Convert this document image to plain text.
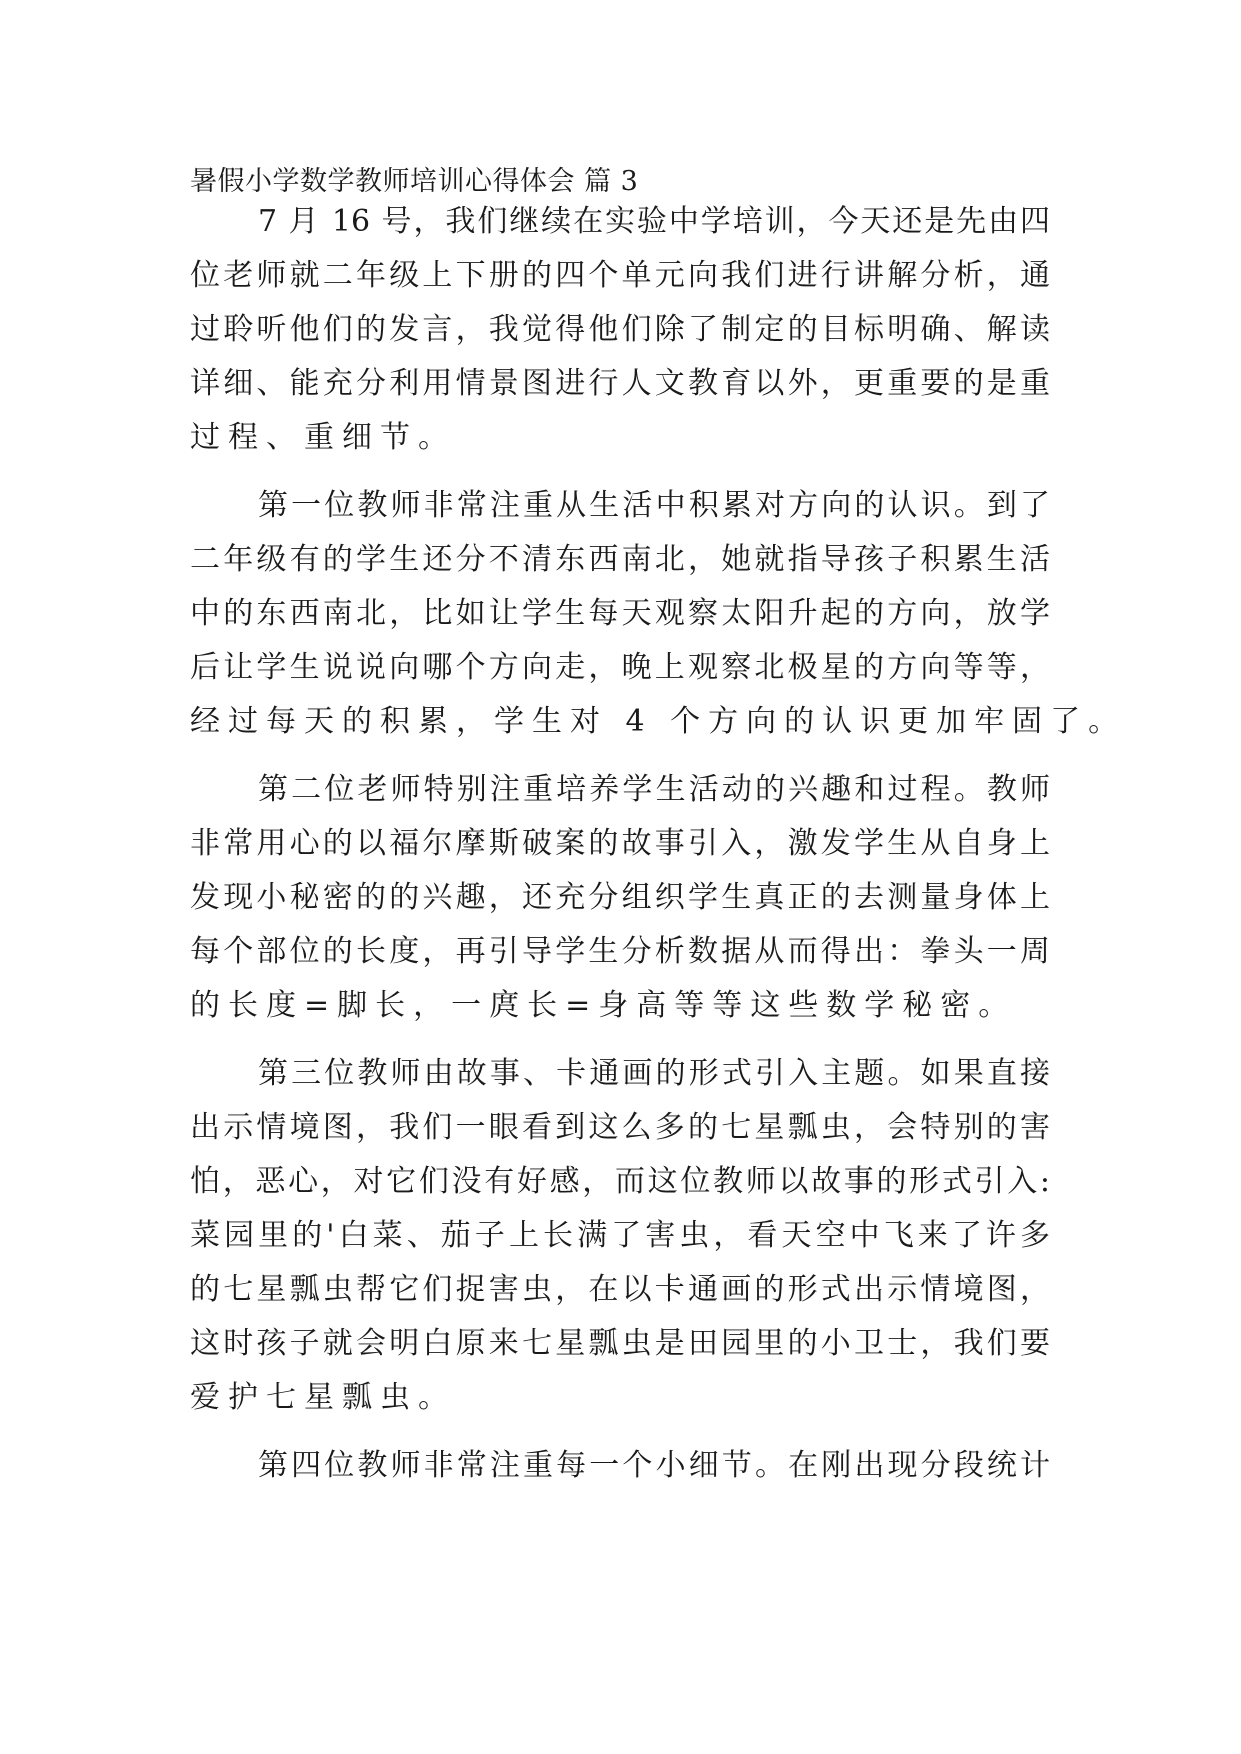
暑假小学数学教师培训心得体会 篇 3
7 月 16 号，我们继续在实验中学培训，今天还是先由四
位老师就二年级上下册的四个单元向我们进行讲解分析，通
过聆听他们的发言，我觉得他们除了制定的目标明确、解读
详细、能充分利用情景图进行人文教育以外，更重要的是重
过程、重细节。
第一位教师非常注重从生活中积累对方向的认识。到了
二年级有的学生还分不清东西南北，她就指导孩子积累生活
中的东西南北，比如让学生每天观察太阳升起的方向，放学
后让学生说说向哪个方向走，晚上观察北极星的方向等等，
经过每天的积累，学生对 4 个方向的认识更加牢固了。
第二位老师特别注重培养学生活动的兴趣和过程。教师
非常用心的以福尔摩斯破案的故事引入，激发学生从自身上
发现小秘密的的兴趣，还充分组织学生真正的去测量身体上
每个部位的长度，再引导学生分析数据从而得出：拳头一周
的长度=脚长，一庹长=身高等等这些数学秘密。
第三位教师由故事、卡通画的形式引入主题。如果直接
出示情境图，我们一眼看到这么多的七星瓢虫，会特别的害
怕，恶心，对它们没有好感，而这位教师以故事的形式引入:
菜园里的'白菜、茄子上长满了害虫，看天空中飞来了许多
的七星瓢虫帮它们捉害虫，在以卡通画的形式出示情境图，
这时孩子就会明白原来七星瓢虫是田园里的小卫士，我们要
爱护七星瓢虫。
第四位教师非常注重每一个小细节。在刚出现分段统计
